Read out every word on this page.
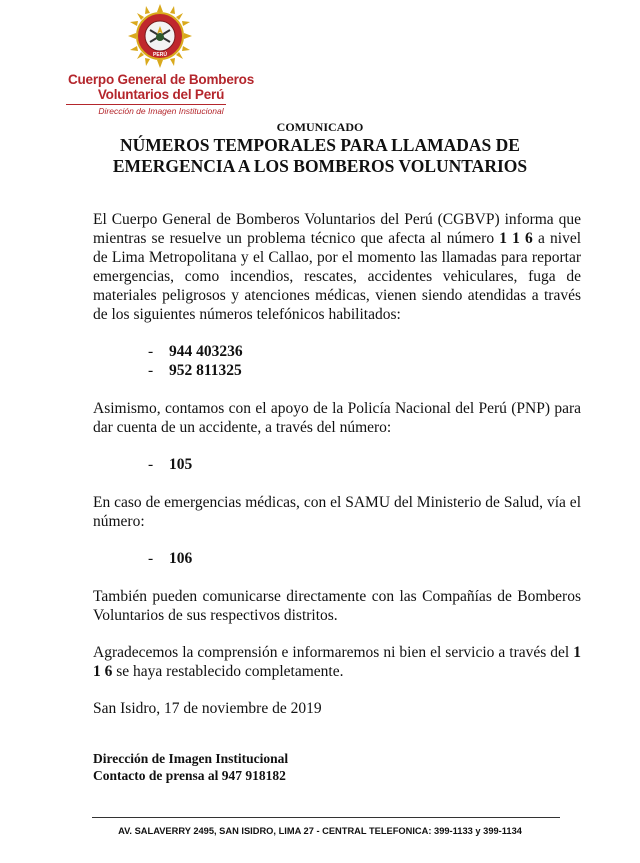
PERÚ
Cuerpo General de Bomberos
Voluntarios del Perú
Dirección de Imagen Institucional
COMUNICADO
NÚMEROS TEMPORALES PARA LLAMADAS DE EMERGENCIA A LOS BOMBEROS VOLUNTARIOS

El Cuerpo General de Bomberos Voluntarios del Perú (CGBVP) informa que mientras se resuelve un problema técnico que afecta al número 1 1 6 a nivel de Lima Metropolitana y el Callao, por el momento las llamadas para reportar emergencias, como incendios, rescates, accidentes vehiculares, fuga de materiales peligrosos y atenciones médicas, vienen siendo atendidas a través de los siguientes números telefónicos habilitados:

-	944 403236
-	952 811325

Asimismo, contamos con el apoyo de la Policía Nacional del Perú (PNP) para dar cuenta de un accidente, a través del número:

-	105

En caso de emergencias médicas, con el SAMU del Ministerio de Salud, vía el número:

-	106

También pueden comunicarse directamente con las Compañías de Bomberos Voluntarios de sus respectivos distritos.

Agradecemos la comprensión e informaremos ni bien el servicio a través del 1 1 6 se haya restablecido completamente.

San Isidro, 17 de noviembre de 2019

Dirección de Imagen Institucional
Contacto de prensa al 947 918182
AV. SALAVERRY 2495, SAN ISIDRO, LIMA 27 - CENTRAL TELEFONICA: 399-1133 y 399-1134
